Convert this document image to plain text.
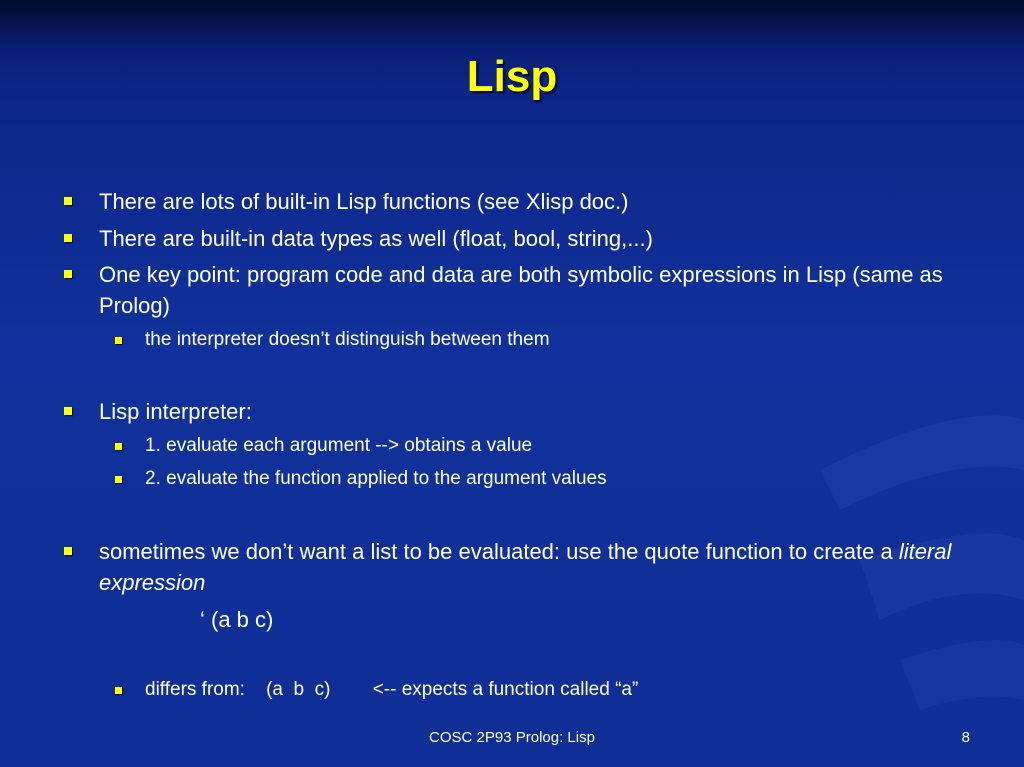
Lisp
There are lots of built-in Lisp functions (see Xlisp doc.)
There are built-in data types as well (float, bool, string,...)
One key point: program code and data are both symbolic expressions in Lisp (same as Prolog)
the interpreter doesn’t distinguish between them
Lisp interpreter:
1. evaluate each argument --> obtains a value
2. evaluate the function applied to the argument values
sometimes we don’t want a list to be evaluated: use the quote function to create a literal expression
‘ (a b c)
differs from:    (a  b  c)        <-- expects a function called “a”
COSC 2P93 Prolog: Lisp	8
